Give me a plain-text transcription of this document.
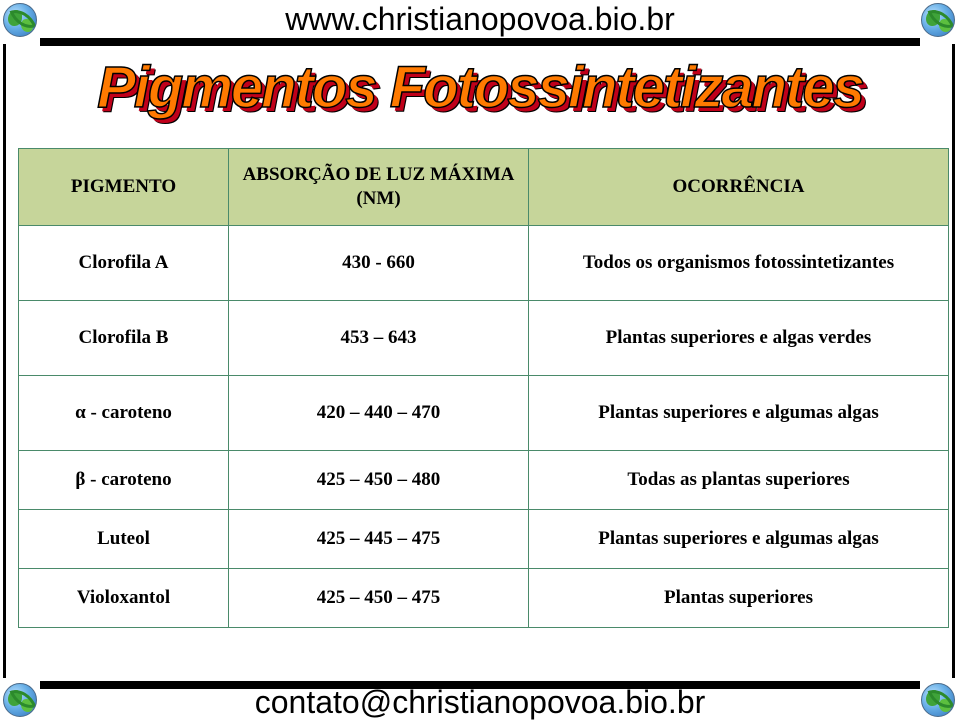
www.christianopovoa.bio.br
Pigmentos Fotossintetizantes
PIGMENTO	ABSORÇÃO DE LUZ MÁXIMA (NM)	OCORRÊNCIA
Clorofila A	430 - 660	Todos os organismos fotossintetizantes
Clorofila B	453 – 643	Plantas superiores e algas verdes
α - caroteno	420 – 440 – 470	Plantas superiores e algumas algas
β - caroteno	425 – 450 – 480	Todas as plantas superiores
Luteol	425 – 445 – 475	Plantas superiores e algumas algas
Violoxantol	425 – 450 – 475	Plantas superiores
contato@christianopovoa.bio.br
